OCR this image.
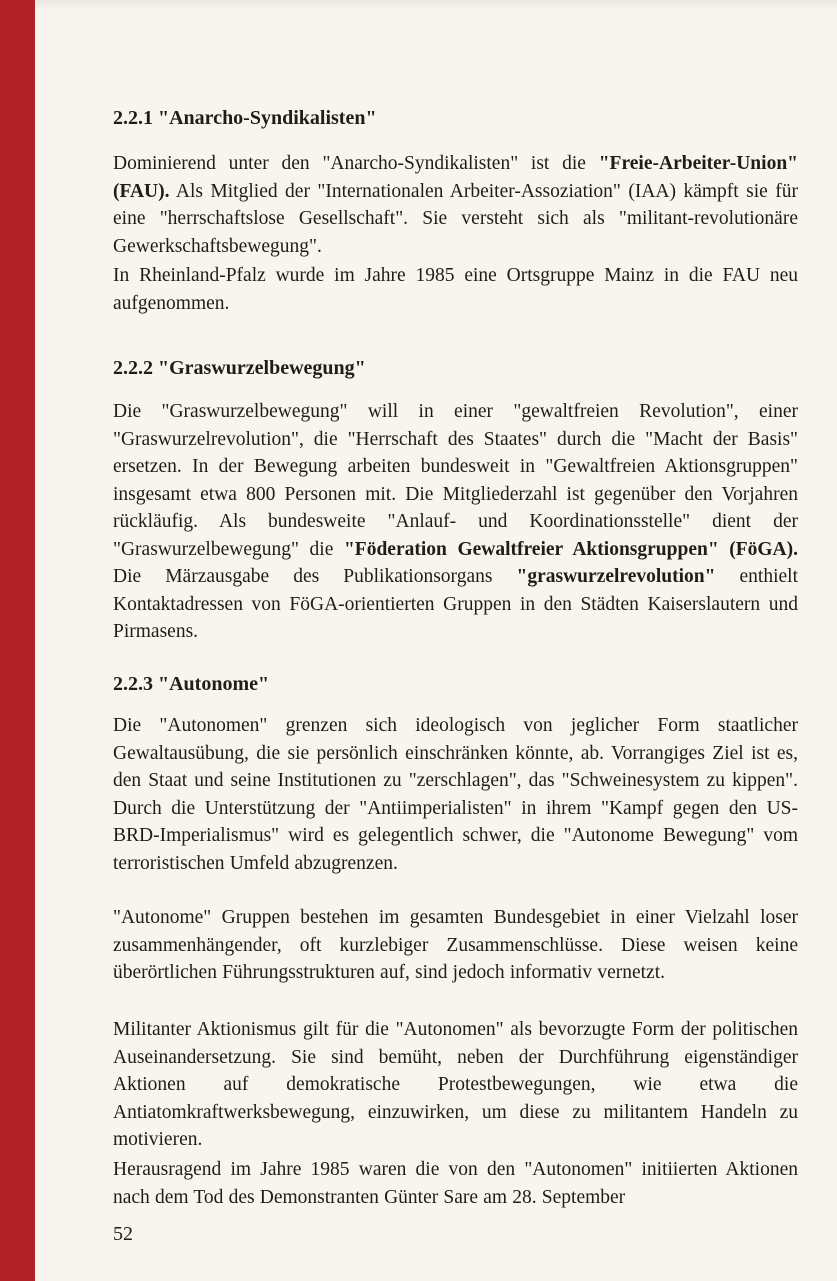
2.2.1 "Anarcho-Syndikalisten"

Dominierend unter den "Anarcho-Syndikalisten" ist die "Freie-Arbeiter-Union" (FAU). Als Mitglied der "Internationalen Arbeiter-Assoziation" (IAA) kämpft sie für eine "herrschaftslose Gesellschaft". Sie versteht sich als "militant-revolutionäre Gewerkschaftsbewegung".

In Rheinland-Pfalz wurde im Jahre 1985 eine Ortsgruppe Mainz in die FAU neu aufgenommen.

2.2.2 "Graswurzelbewegung"

Die "Graswurzelbewegung" will in einer "gewaltfreien Revolution", einer "Graswurzelrevolution", die "Herrschaft des Staates" durch die "Macht der Basis" ersetzen. In der Bewegung arbeiten bundesweit in "Gewaltfreien Aktionsgruppen" insgesamt etwa 800 Personen mit. Die Mitgliederzahl ist gegenüber den Vorjahren rückläufig. Als bundesweite "Anlauf- und Koordinationsstelle" dient der "Graswurzelbewegung" die "Föderation Gewaltfreier Aktionsgruppen" (FöGA). Die Märzausgabe des Publikationsorgans "graswurzelrevolution" enthielt Kontaktadressen von FöGA-orientierten Gruppen in den Städten Kaiserslautern und Pirmasens.

2.2.3 "Autonome"

Die "Autonomen" grenzen sich ideologisch von jeglicher Form staatlicher Gewaltausübung, die sie persönlich einschränken könnte, ab. Vorrangiges Ziel ist es, den Staat und seine Institutionen zu "zerschlagen", das "Schweinesystem zu kippen". Durch die Unterstützung der "Antiimperialisten" in ihrem "Kampf gegen den US-BRD-Imperialismus" wird es gelegentlich schwer, die "Autonome Bewegung" vom terroristischen Umfeld abzugrenzen.

"Autonome" Gruppen bestehen im gesamten Bundesgebiet in einer Vielzahl loser zusammenhängender, oft kurzlebiger Zusammenschlüsse. Diese weisen keine überörtlichen Führungsstrukturen auf, sind jedoch informativ vernetzt.

Militanter Aktionismus gilt für die "Autonomen" als bevorzugte Form der politischen Auseinandersetzung. Sie sind bemüht, neben der Durchführung eigenständiger Aktionen auf demokratische Protestbewegungen, wie etwa die Antiatomkraftwerksbewegung, einzuwirken, um diese zu militantem Handeln zu motivieren.

Herausragend im Jahre 1985 waren die von den "Autonomen" initiierten Aktionen nach dem Tod des Demonstranten Günter Sare am 28. September

52
